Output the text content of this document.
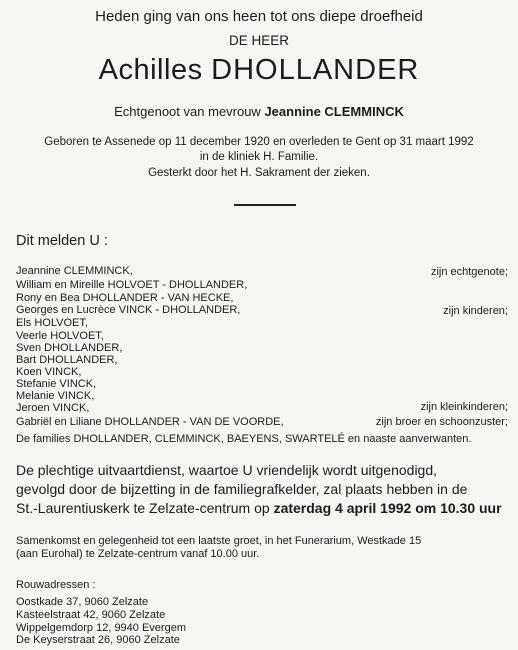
Heden ging van ons heen tot ons diepe droefheid
DE HEER
Achilles DHOLLANDER
Echtgenoot van mevrouw Jeannine CLEMMINCK
Geboren te Assenede op 11 december 1920 en overleden te Gent op 31 maart 1992
in de kliniek H. Familie.
Gesterkt door het H. Sakrament der zieken.
Dit melden U :
Jeannine CLEMMINCK,
William en Mireille HOLVOET - DHOLLANDER,
Rony en Bea DHOLLANDER - VAN HECKE,
Georges en Lucrèce VINCK - DHOLLANDER,
Els HOLVOET,
Veerle HOLVOET,
Sven DHOLLANDER,
Bart DHOLLANDER,
Koen VINCK,
Stefanie VINCK,
Melanie VINCK,
Jeroen VINCK,
Gabriël en Liliane DHOLLANDER - VAN DE VOORDE,
De families DHOLLANDER, CLEMMINCK, BAEYENS, SWARTELÉ en naaste aanverwanten.
zijn echtgenote;
zijn kinderen;
zijn kleinkinderen;
zijn broer en schoonzuster;
De plechtige uitvaartdienst, waartoe U vriendelijk wordt uitgenodigd,
gevolgd door de bijzetting in de familiegrafkelder, zal plaats hebben in de
St.-Laurentiuskerk te Zelzate-centrum op zaterdag 4 april 1992 om 10.30 uur
Samenkomst en gelegenheid tot een laatste groet, in het Funerarium, Westkade 15
(aan Eurohal) te Zelzate-centrum vanaf 10.00 uur.
Rouwadressen :
Oostkade 37, 9060 Zelzate
Kasteelstraat 42, 9060 Zelzate
Wippelgemdorp 12, 9940 Evergem
De Keyserstraat 26, 9060 Zelzate
